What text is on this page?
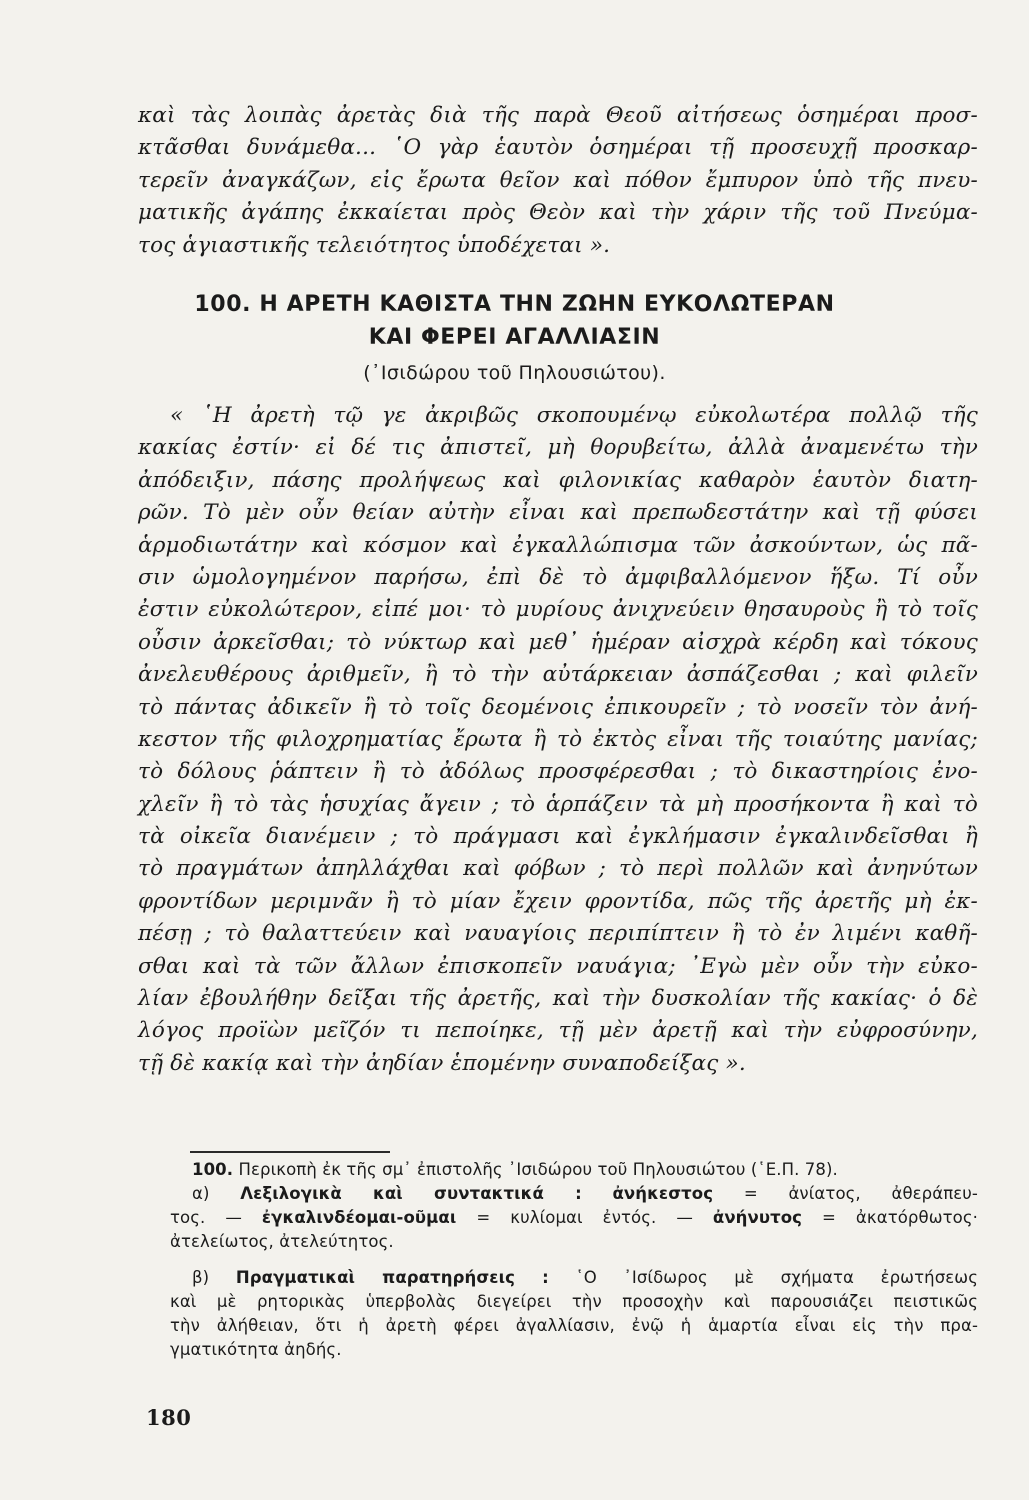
καὶ τὰς λοιπὰς ἀρετὰς διὰ τῆς παρὰ Θεοῦ αἰτήσεως ὁσημέραι προσ-
κτᾶσθαι δυνάμεθα... ῾Ο γὰρ ἑαυτὸν ὁσημέραι τῇ προσευχῇ προσκαρ-
τερεῖν ἀναγκάζων, εἰς ἔρωτα θεῖον καὶ πόθον ἔμπυρον ὑπὸ τῆς πνευ-
ματικῆς ἀγάπης ἐκκαίεται πρὸς Θεὸν καὶ τὴν χάριν τῆς τοῦ Πνεύμα-
τος ἁγιαστικῆς τελειότητος ὑποδέχεται ».
100. Η ΑΡΕΤΗ ΚΑΘΙΣΤΑ ΤΗΝ ΖΩΗΝ ΕΥΚΟΛΩΤΕΡΑΝ
ΚΑΙ ΦΕΡΕΙ ΑΓΑΛΛΙΑΣΙΝ
(᾿Ισιδώρου τοῦ Πηλουσιώτου).
« ῾Η ἀρετὴ τῷ γε ἀκριβῶς σκοπουμένῳ εὐκολωτέρα πολλῷ τῆς
κακίας ἐστίν· εἰ δέ τις ἀπιστεῖ, μὴ θορυβείτω, ἀλλὰ ἀναμενέτω τὴν
ἀπόδειξιν, πάσης προλήψεως καὶ φιλονικίας καθαρὸν ἑαυτὸν διατη-
ρῶν. Τὸ μὲν οὖν θείαν αὐτὴν εἶναι καὶ πρεπωδεστάτην καὶ τῇ φύσει
ἁρμοδιωτάτην καὶ κόσμον καὶ ἐγκαλλώπισμα τῶν ἀσκούντων, ὡς πᾶ-
σιν ὡμολογημένον παρήσω, ἐπὶ δὲ τὸ ἀμφιβαλλόμενον ἥξω. Τί οὖν
ἐστιν εὐκολώτερον, εἰπέ μοι· τὸ μυρίους ἀνιχνεύειν θησαυροὺς ἢ τὸ τοῖς
οὖσιν ἀρκεῖσθαι; τὸ νύκτωρ καὶ μεθ᾿ ἡμέραν αἰσχρὰ κέρδη καὶ τόκους
ἀνελευθέρους ἀριθμεῖν, ἢ τὸ τὴν αὐτάρκειαν ἀσπάζεσθαι ; καὶ φιλεῖν
τὸ πάντας ἀδικεῖν ἢ τὸ τοῖς δεομένοις ἐπικουρεῖν ; τὸ νοσεῖν τὸν ἀνή-
κεστον τῆς φιλοχρηματίας ἔρωτα ἢ τὸ ἐκτὸς εἶναι τῆς τοιαύτης μανίας;
τὸ δόλους ῥάπτειν ἢ τὸ ἀδόλως προσφέρεσθαι ; τὸ δικαστηρίοις ἐνο-
χλεῖν ἢ τὸ τὰς ἡσυχίας ἄγειν ; τὸ ἁρπάζειν τὰ μὴ προσήκοντα ἢ καὶ τὸ
τὰ οἰκεῖα διανέμειν ; τὸ πράγμασι καὶ ἐγκλήμασιν ἐγκαλινδεῖσθαι ἢ
τὸ πραγμάτων ἀπηλλάχθαι καὶ φόβων ; τὸ περὶ πολλῶν καὶ ἀνηνύτων
φροντίδων μεριμνᾶν ἢ τὸ μίαν ἔχειν φροντίδα, πῶς τῆς ἀρετῆς μὴ ἐκ-
πέσῃ ; τὸ θαλαττεύειν καὶ ναυαγίοις περιπίπτειν ἢ τὸ ἐν λιμένι καθῆ-
σθαι καὶ τὰ τῶν ἄλλων ἐπισκοπεῖν ναυάγια; ᾿Εγὼ μὲν οὖν τὴν εὐκο-
λίαν ἐβουλήθην δεῖξαι τῆς ἀρετῆς, καὶ τὴν δυσκολίαν τῆς κακίας· ὁ δὲ
λόγος προϊὼν μεῖζόν τι πεποίηκε, τῇ μὲν ἀρετῇ καὶ τὴν εὐφροσύνην,
τῇ δὲ κακίᾳ καὶ τὴν ἀηδίαν ἑπομένην συναποδείξας ».
100. Περικοπὴ ἐκ τῆς σμ᾿ ἐπιστολῆς ᾿Ισιδώρου τοῦ Πηλουσιώτου (῾Ε.Π. 78).
α) Λεξιλογικὰ καὶ συντακτικά : ἀνήκεστος = ἀνίατος, ἀθεράπευ-
τος. — ἐγκαλινδέομαι-οῦμαι = κυλίομαι ἐντός. — ἀνήνυτος = ἀκατόρθωτος·
ἀτελείωτος, ἀτελεύτητος.
β) Πραγματικαὶ παρατηρήσεις : ῾Ο ᾿Ισίδωρος μὲ σχήματα ἐρωτήσεως
καὶ μὲ ρητορικὰς ὑπερβολὰς διεγείρει τὴν προσοχὴν καὶ παρουσιάζει πειστικῶς
τὴν ἀλήθειαν, ὅτι ἡ ἀρετὴ φέρει ἀγαλλίασιν, ἐνῷ ἡ ἁμαρτία εἶναι εἰς τὴν πρα-
γματικότητα ἀηδής.
180
